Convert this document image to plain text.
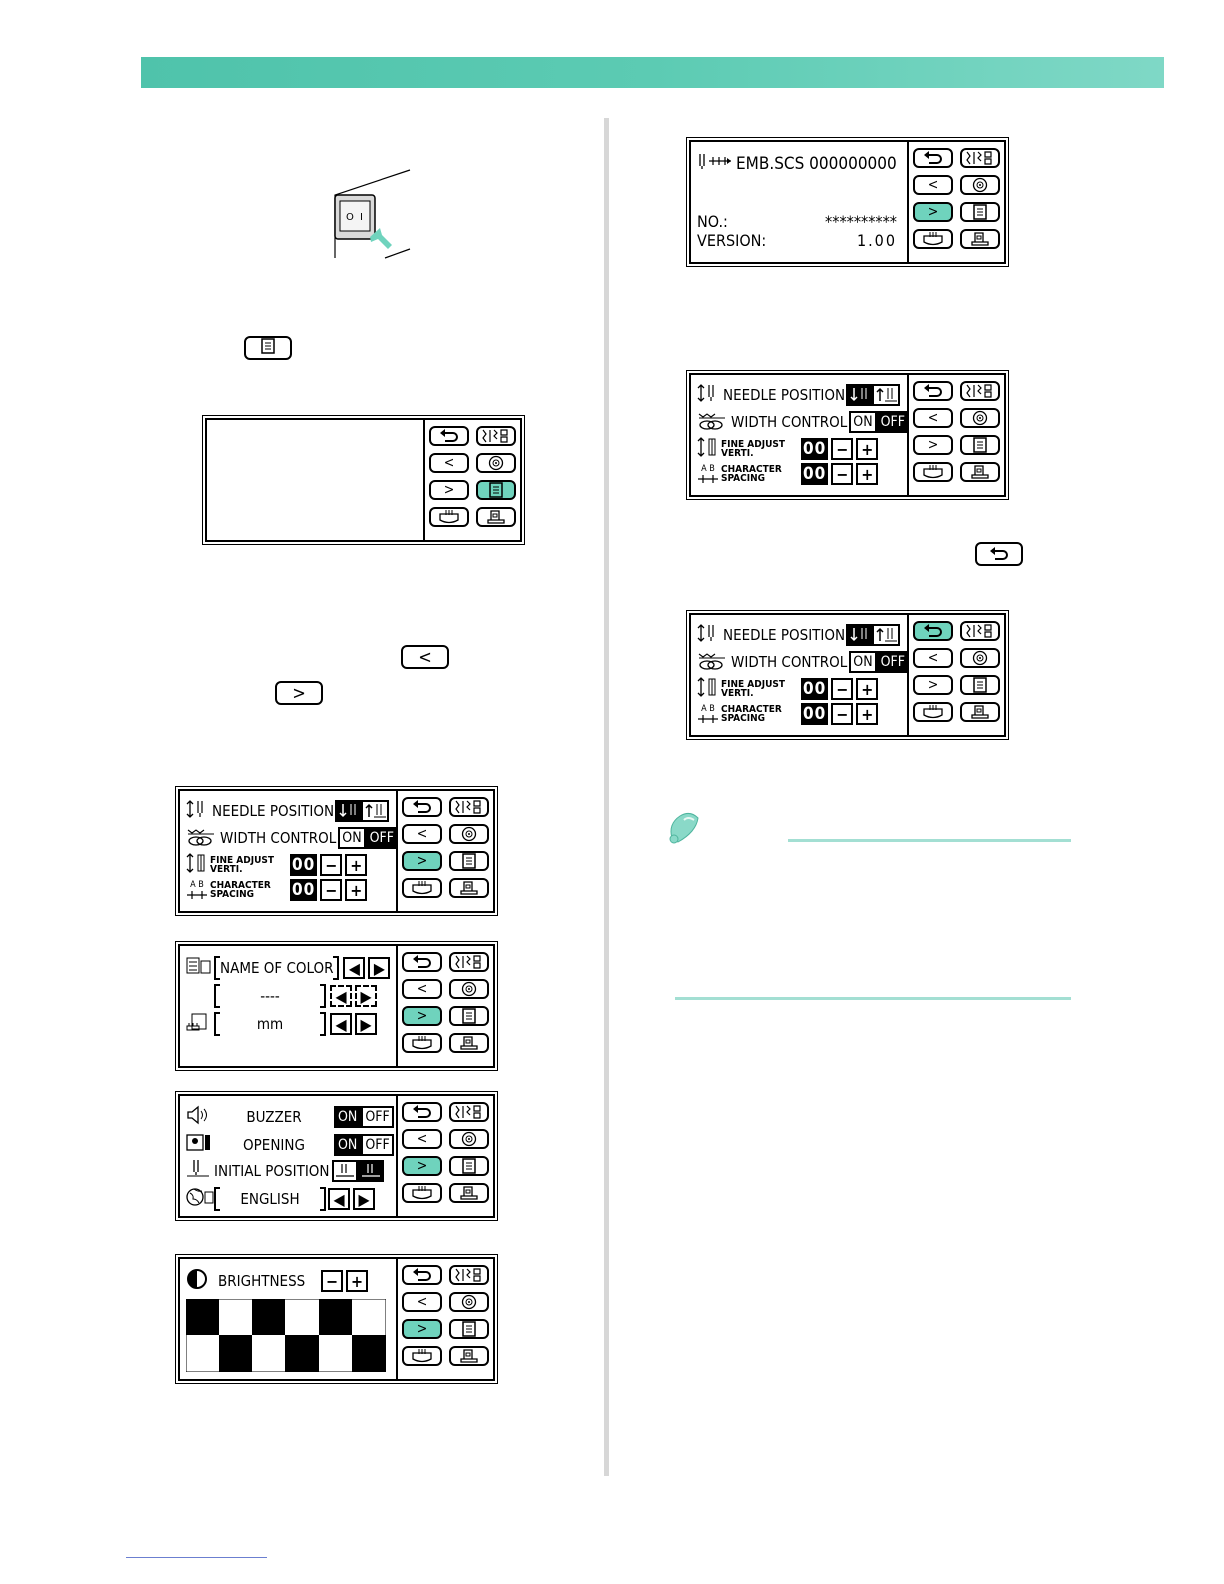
O I
<
>
<
>
EMB.SCS 000000000
NO.:	**********
VERSION:	1.00
<
>
NEEDLE POSITION
WIDTH CONTROL ON OFF
FINE ADJUST
VERTI.	00 − +
A B CHARACTER
SPACING	00 − +
<
>
NEEDLE POSITION
WIDTH CONTROL ON OFF
FINE ADJUST
VERTI.	00 − +
A B CHARACTER
SPACING	00 − +
<
>
NEEDLE POSITION
WIDTH CONTROL ON OFF
FINE ADJUST
VERTI.	00 − +
A B CHARACTER
SPACING	00 − +
<
>
NAME OF COLOR ◀ ▶
----	◀ ▶
mm	◀ ▶
<
>
BUZZER	ON OFF
OPENING	ON OFF
INITIAL POSITION
ENGLISH	◀ ▶
<
>
BRIGHTNESS	− +
<
>
